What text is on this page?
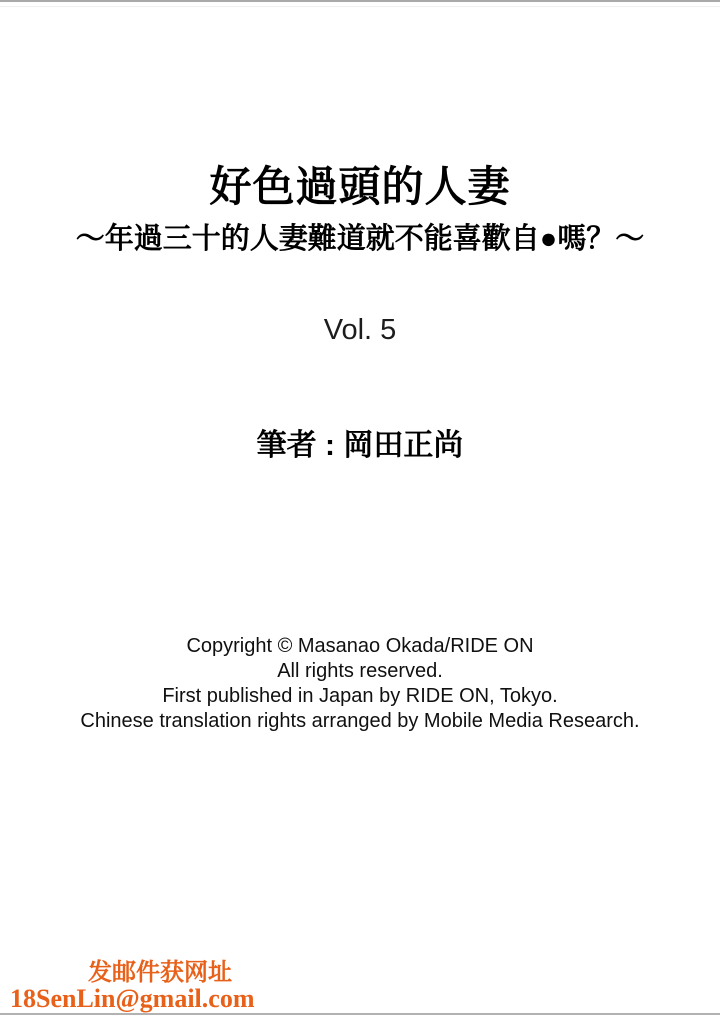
好色過頭的人妻
～年過三十的人妻難道就不能喜歡自●嗎？～
Vol. 5
筆者 : 岡田正尚
Copyright © Masanao Okada/RIDE ON
All rights reserved.
First published in Japan by RIDE ON, Tokyo.
Chinese translation rights arranged by Mobile Media Research.
发邮件获网址
18SenLin@gmail.com
